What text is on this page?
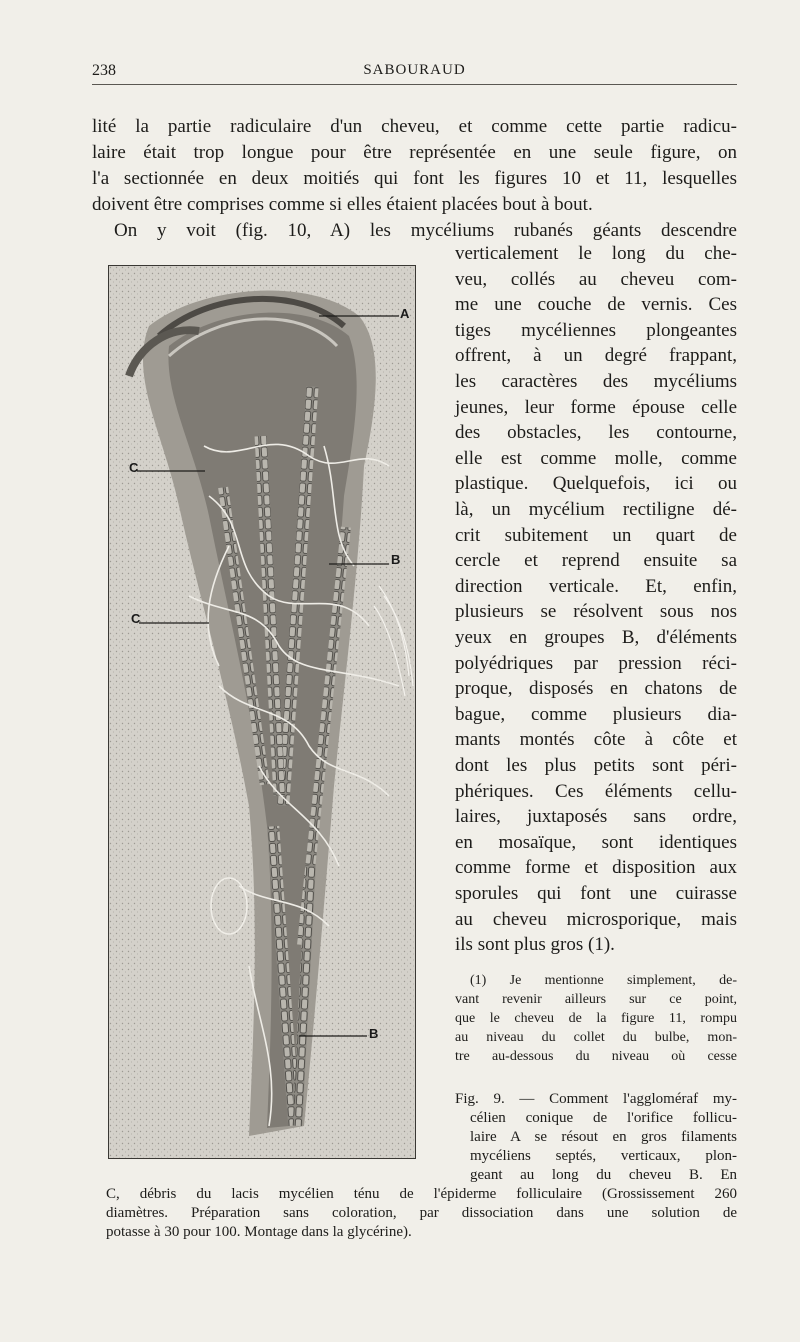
238	SABOURAUD
lité la partie radiculaire d'un cheveu, et comme cette partie radicu-
laire était trop longue pour être représentée en une seule figure, on
l'a sectionnée en deux moitiés qui font les figures 10 et 11, lesquelles
doivent être comprises comme si elles étaient placées bout à bout.
On y voit (fig. 10, A) les mycéliums rubanés géants descendre
verticalement le long du che-
veu, collés au cheveu com-
me une couche de vernis. Ces
tiges mycéliennes plongeantes
offrent, à un degré frappant,
les caractères des mycéliums
jeunes, leur forme épouse celle
des obstacles, les contourne,
elle est comme molle, comme
plastique. Quelquefois, ici ou
là, un mycélium rectiligne dé-
crit subitement un quart de
cercle et reprend ensuite sa
direction verticale. Et, enfin,
plusieurs se résolvent sous nos
yeux en groupes B, d'éléments
polyédriques par pression réci-
proque, disposés en chatons de
bague, comme plusieurs dia-
mants montés côte à côte et
dont les plus petits sont péri-
phériques. Ces éléments cellu-
laires, juxtaposés sans ordre,
en mosaïque, sont identiques
comme forme et disposition aux
sporules qui font une cuirasse
au cheveu microsporique, mais
ils sont plus gros (1).
(1) Je mentionne simplement, de-
vant revenir ailleurs sur ce point,
que le cheveu de la figure 11, rompu
au niveau du collet du bulbe, mon-
tre au-dessous du niveau où cesse
Fig. 9. — Comment l'aggloméraf my-
célien conique de l'orifice follicu-
laire A se résout en gros filaments
mycéliens septés, verticaux, plon-
geant au long du cheveu B. En
C, débris du lacis mycélien ténu de l'épiderme folliculaire (Grossissement 260
diamètres. Préparation sans coloration, par dissociation dans une solution de
potasse à 30 pour 100. Montage dans la glycérine).
A
B
C
C
B
